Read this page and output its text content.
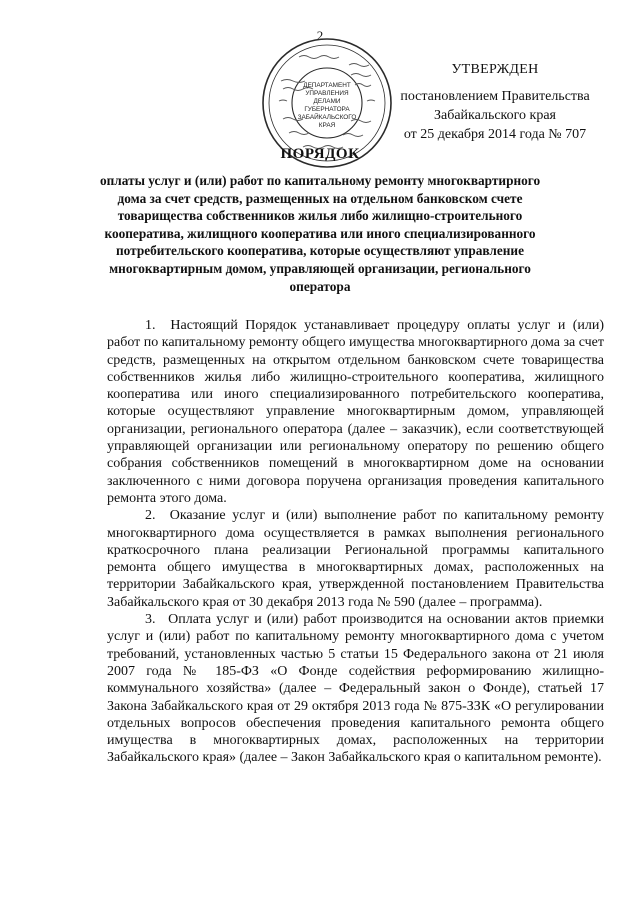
2
ДЕПАРТАМЕНТ
УПРАВЛЕНИЯ
ДЕЛАМИ
ГУБЕРНАТОРА
ЗАБАЙКАЛЬСКОГО
КРАЯ
УТВЕРЖДЕН
постановлением Правительства
Забайкальского края
от 25 декабря 2014 года № 707
ПОРЯДОК
оплаты услуг и (или) работ по капитальному ремонту многоквартирного
дома за счет средств, размещенных на отдельном банковском счете
товарищества собственников жилья либо жилищно-строительного
кооператива, жилищного кооператива или иного специализированного
потребительского кооператива, которые осуществляют управление
многоквартирным домом, управляющей организации, регионального
оператора

1. Настоящий Порядок устанавливает процедуру оплаты услуг и (или) работ по капитальному ремонту общего имущества многоквартирного дома за счет средств, размещенных на открытом отдельном банковском счете товарищества собственников жилья либо жилищно-строительного кооператива, жилищного кооператива или иного специализированного потребительского кооператива, которые осуществляют управление многоквартирным домом, управляющей организации, регионального оператора (далее – заказчик), если соответствующей управляющей организации или региональному оператору по решению общего собрания собственников помещений в многоквартирном доме на основании заключенного с ними договора поручена организация проведения капитального ремонта этого дома.

2. Оказание услуг и (или) выполнение работ по капитальному ремонту многоквартирного дома осуществляется в рамках выполнения регионального краткосрочного плана реализации Региональной программы капитального ремонта общего имущества в многоквартирных домах, расположенных на территории Забайкальского края, утвержденной постановлением Правительства Забайкальского края от 30 декабря 2013 года № 590 (далее – программа).

3. Оплата услуг и (или) работ производится на основании актов приемки услуг и (или) работ по капитальному ремонту многоквартирного дома с учетом требований, установленных частью 5 статьи 15 Федерального закона от 21 июля 2007 года № 185-ФЗ «О Фонде содействия реформированию жилищно-коммунального хозяйства» (далее – Федеральный закон о Фонде), статьей 17 Закона Забайкальского края от 29 октября 2013 года № 875-ЗЗК «О регулировании отдельных вопросов обеспечения проведения капитального ремонта общего имущества в многоквартирных домах, расположенных на территории Забайкальского края» (далее – Закон Забайкальского края о капитальном ремонте).
